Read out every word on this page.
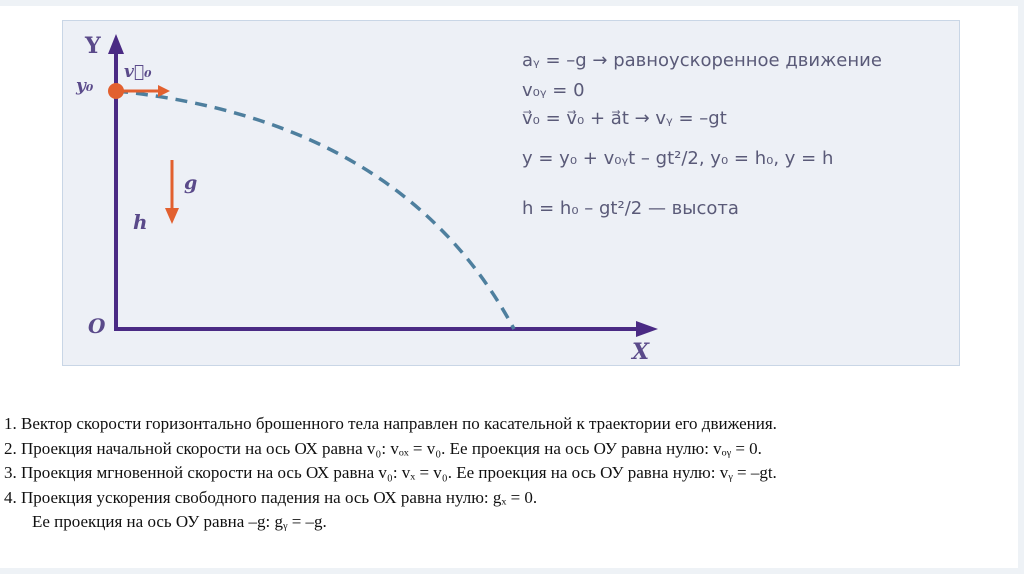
Y
y₀
v⃗₀
g
h
O
X
aᵧ = –g → равноускоренное движение
v₀ᵧ = 0
v⃗₀ = v⃗₀ + a⃗t → vᵧ = –gt
y = y₀ + v₀ᵧt – gt²/2, y₀ = h₀, y = h
h = h₀ – gt²/2 — высота
1. Вектор скорости горизонтально брошенного тела направлен по касательной к траектории его движения.
2. Проекция начальной скорости на ось ОХ равна v₀: vₒₓ = v₀. Ее проекция на ось ОУ равна нулю: vₒᵧ = 0.
3. Проекция мгновенной скорости на ось ОХ равна v₀: vₓ = v₀. Ее проекция на ось ОУ равна нулю: vᵧ = –gt.
4. Проекция ускорения свободного падения на ось ОХ равна нулю: gₓ = 0.
Ее проекция на ось ОУ равна –g: gᵧ = –g.
